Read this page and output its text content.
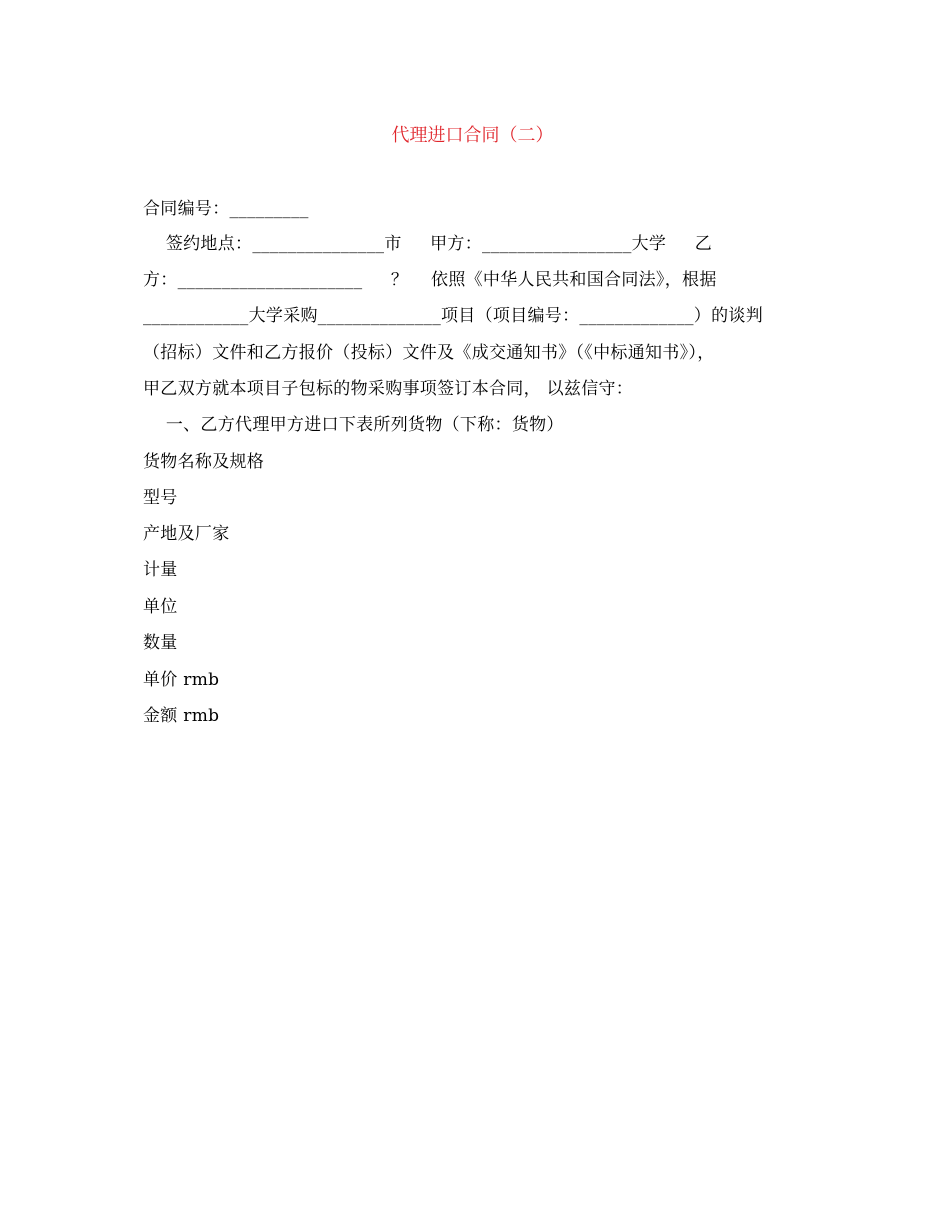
代理进口合同（二）
合同编号：_________
签约地点：_______________市     甲方：_________________大学     乙
方：_____________________     ？    依照《中华人民共和国合同法》，根据
____________大学采购______________项目（项目编号：_____________）的谈判
（招标）文件和乙方报价（投标）文件及《成交通知书》（《中标通知书》），
甲乙双方就本项目子包标的物采购事项签订本合同， 以兹信守：
一、乙方代理甲方进口下表所列货物（下称：货物）
货物名称及规格
型号
产地及厂家
计量
单位
数量
单价 rmb
金额 rmb
